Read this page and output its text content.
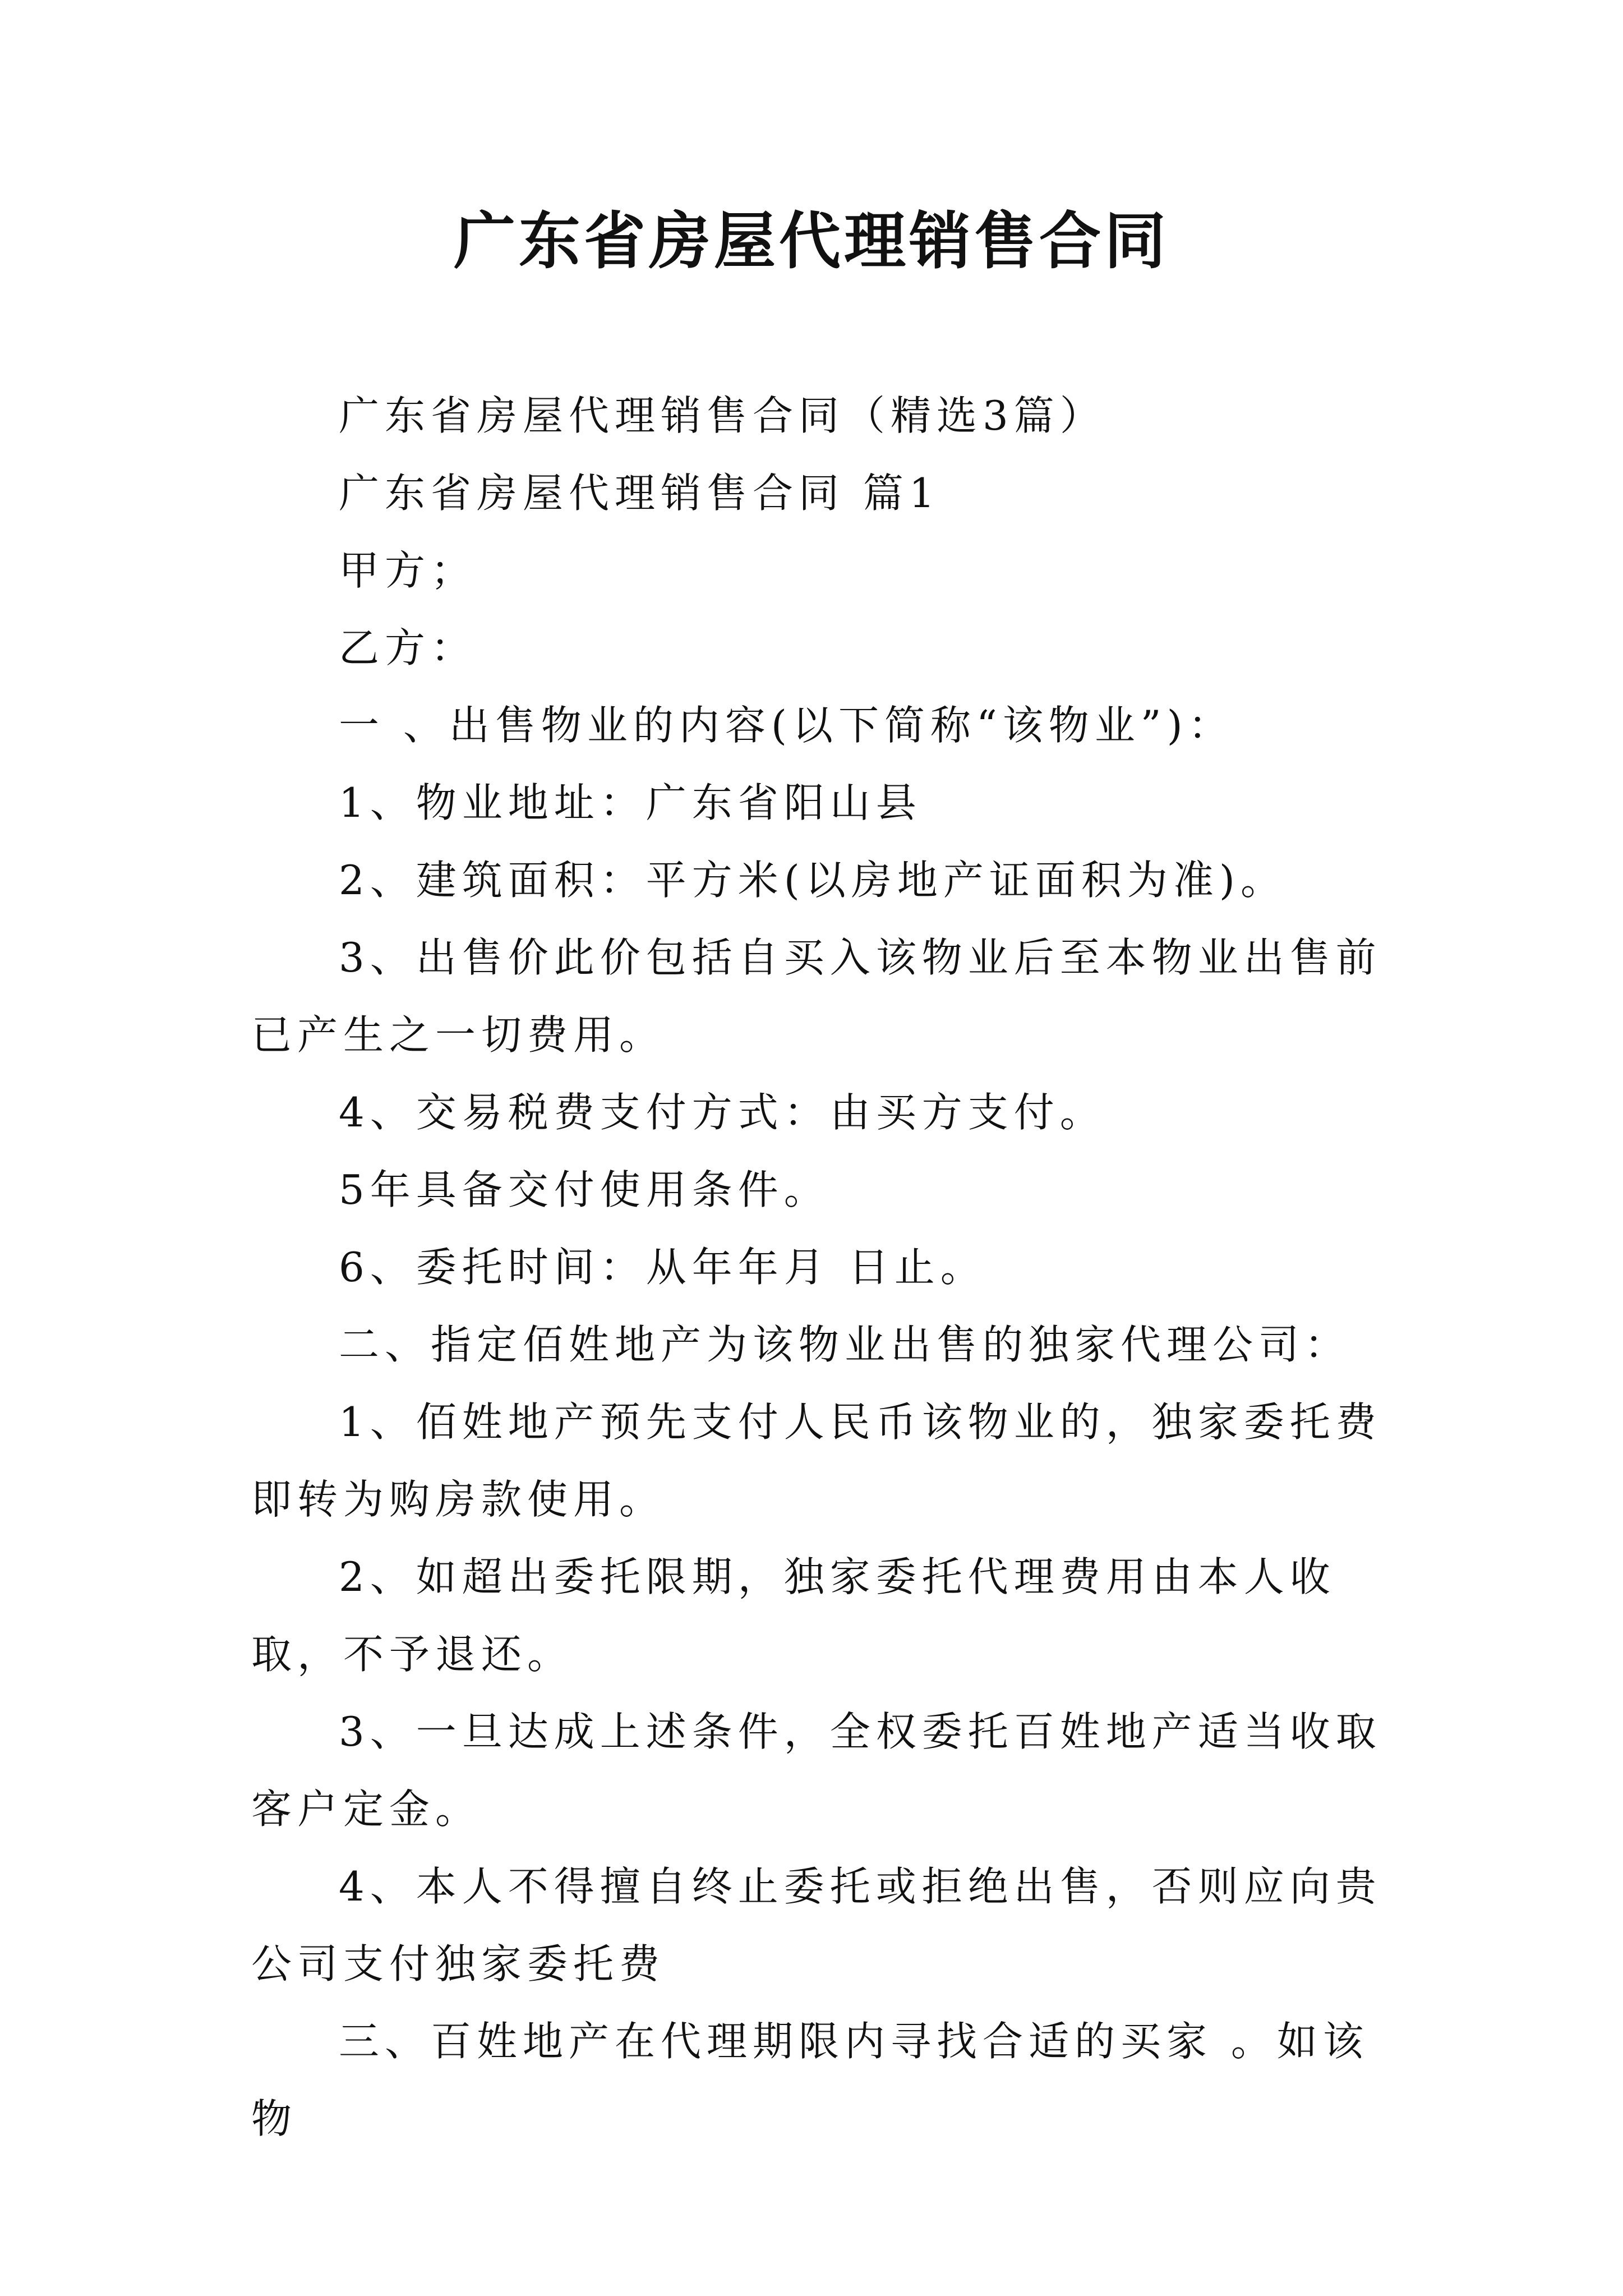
广东省房屋代理销售合同

广东省房屋代理销售合同（精选3篇）

广东省房屋代理销售合同 篇1

甲方；

乙方：

一 、出售物业的内容(以下简称“该物业”)：

1、物业地址：广东省阳山县

2、建筑面积：平方米(以房地产证面积为准)。

3、出售价此价包括自买入该物业后至本物业出售前已产生之一切费用。

4、交易税费支付方式：由买方支付。

5年具备交付使用条件。

6、委托时间：从年年月 日止。

二、指定佰姓地产为该物业出售的独家代理公司：

1、佰姓地产预先支付人民币该物业的，独家委托费即转为购房款使用。

2、如超出委托限期，独家委托代理费用由本人收取，不予退还。

3、一旦达成上述条件，全权委托百姓地产适当收取客户定金。

4、本人不得擅自终止委托或拒绝出售，否则应向贵公司支付独家委托费

三、百姓地产在代理期限内寻找合适的买家 。如该物
